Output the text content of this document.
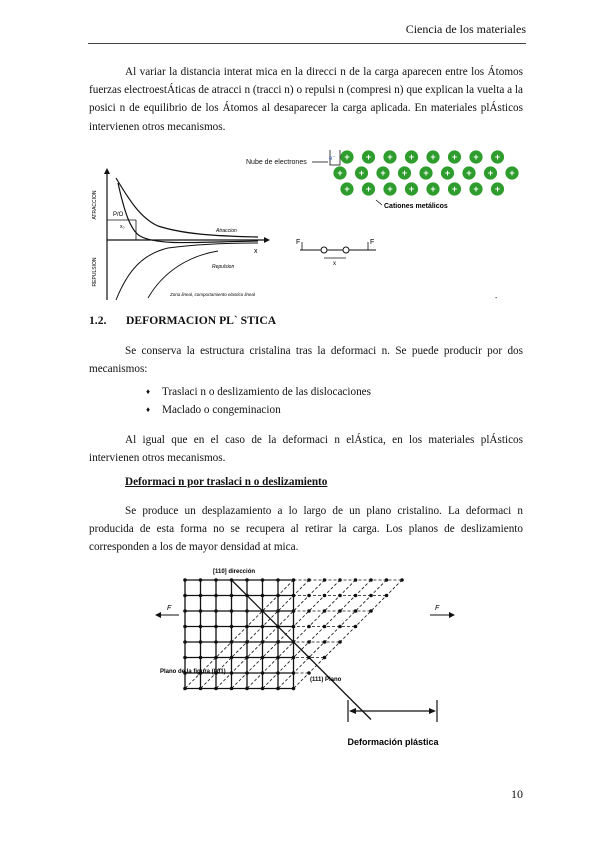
Ciencia de los materiales

Al variar la distancia interat mica en la direcci n de la carga aparecen entre los Átomos fuerzas electroestÁticas de atracci n (tracci n) o repulsi n (compresi n) que explican la vuelta a la posici n de equilibrio de los Átomos al desaparecer la carga aplicada. En materiales plÁsticos intervienen otros mecanismos.

ATRACCION
REPULSION
x
P/O
x₀
Atraccion
Repulsion
Zona lineal, comportamiento elastico lineal
F	F
x
+ + + + + + + +
+ + + + + + + + +
+ + + + + + + +
Nube de electrones	e⁻
Cationes metálicos
-
1.2. DEFORMACION PL` STICA

Se conserva la estructura cristalina tras la deformaci n. Se puede producir por dos mecanismos:

♦ Traslaci n o deslizamiento de las dislocaciones
♦ Maclado o congeminacion

Al igual que en el caso de la deformaci n elÁstica, en los materiales plÁsticos intervienen otros mecanismos.

Deformaci n por traslaci n o deslizamiento

Se produce un desplazamiento a lo largo de un plano cristalino. La deformaci n producida de esta forma no se recupera al retirar la carga. Los planos de deslizamiento corresponden a los de mayor densidad at mica.

[110] dirección
Plano de la figura (001)
(111) Plano
F	F
Deformación plástica
10
